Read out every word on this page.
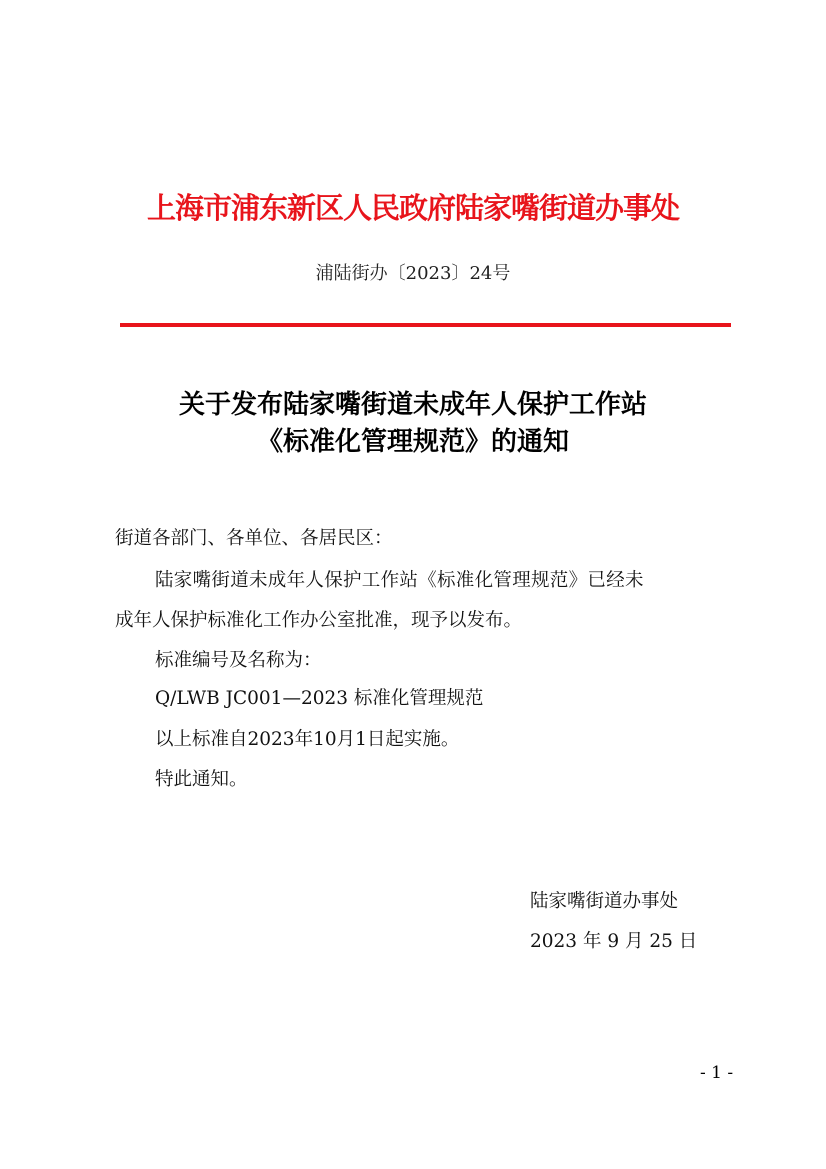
上海市浦东新区人民政府陆家嘴街道办事处
浦陆街办〔2023〕24号
关于发布陆家嘴街道未成年人保护工作站
《标准化管理规范》的通知
街道各部门、各单位、各居民区：
陆家嘴街道未成年人保护工作站《标准化管理规范》已经未
成年人保护标准化工作办公室批准，现予以发布。
标准编号及名称为：
Q/LWB JC001—2023 标准化管理规范
以上标准自2023年10月1日起实施。
特此通知。
陆家嘴街道办事处
2023 年 9 月 25 日
- 1 -
